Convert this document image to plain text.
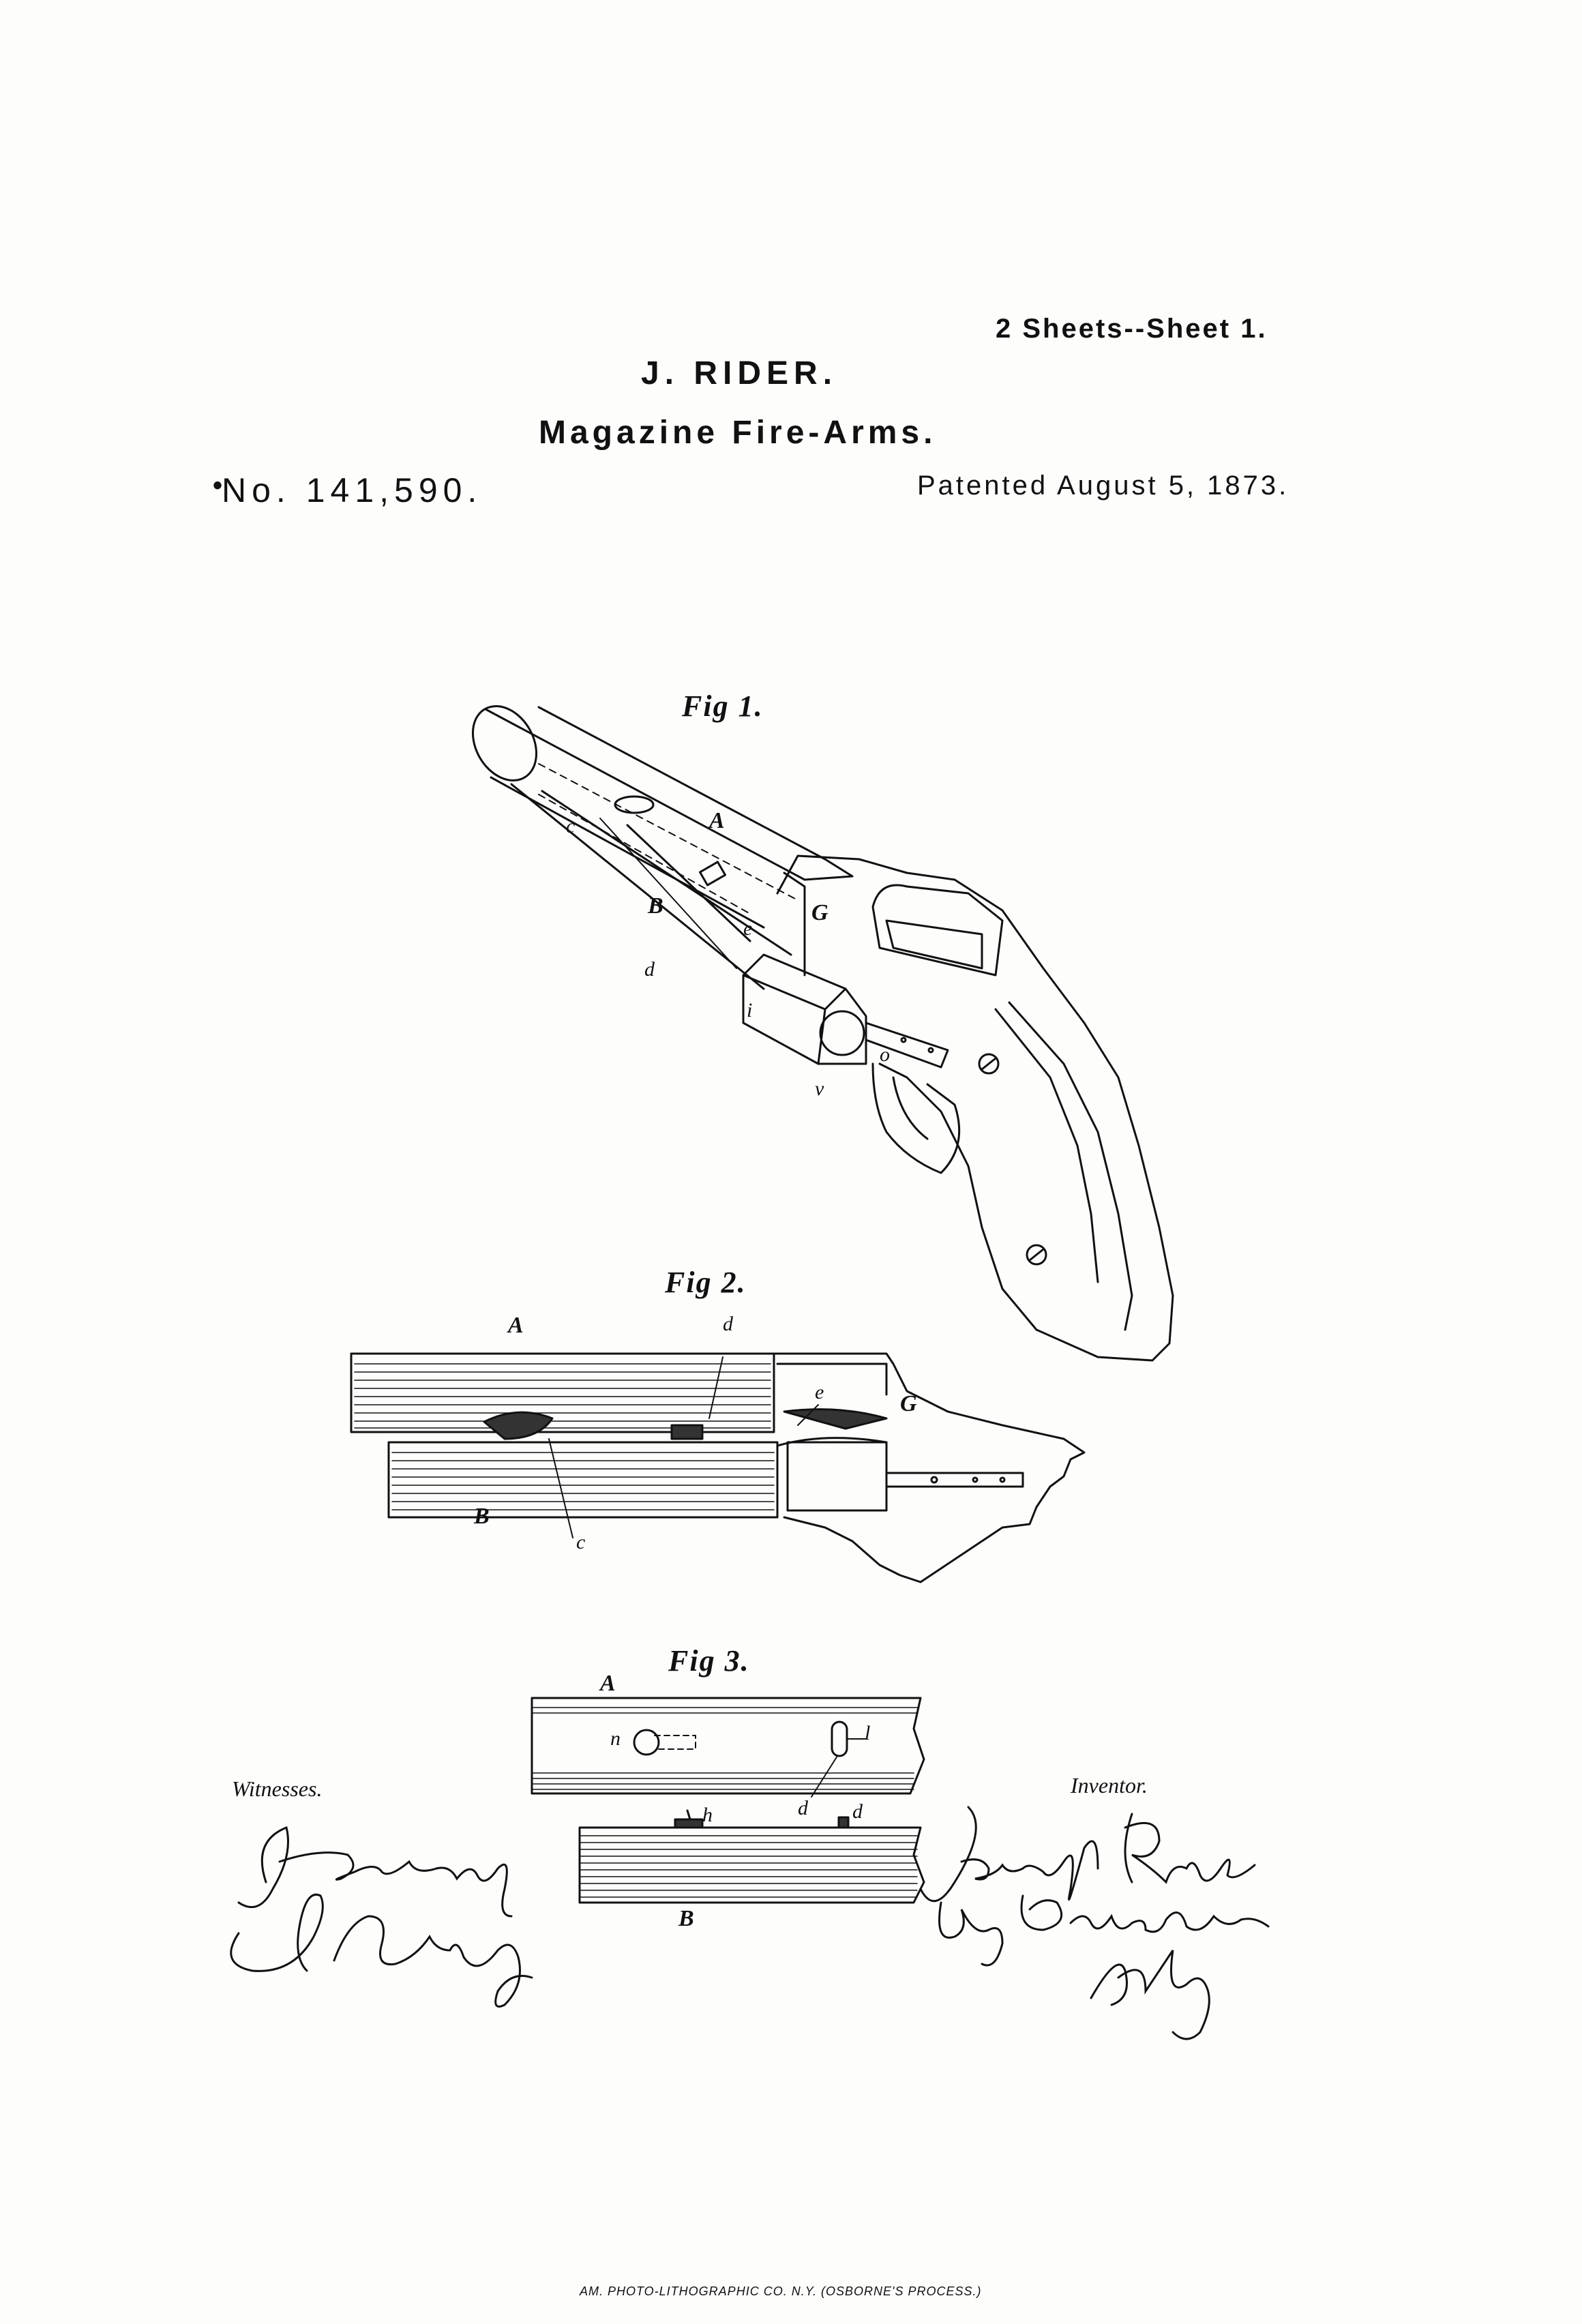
2 Sheets--Sheet 1.
J. RIDER.
Magazine Fire-Arms.
•
No. 141,590.	Patented August 5, 1873.
Fig 1.
Fig 2.
Fig 3.
A
B
c
d
e
G
i
v
o
A	d
e	G
B
c
A
n	l
h	d d
B
Witnesses.	Inventor.
AM. PHOTO-LITHOGRAPHIC CO. N.Y. (OSBORNE'S PROCESS.)
